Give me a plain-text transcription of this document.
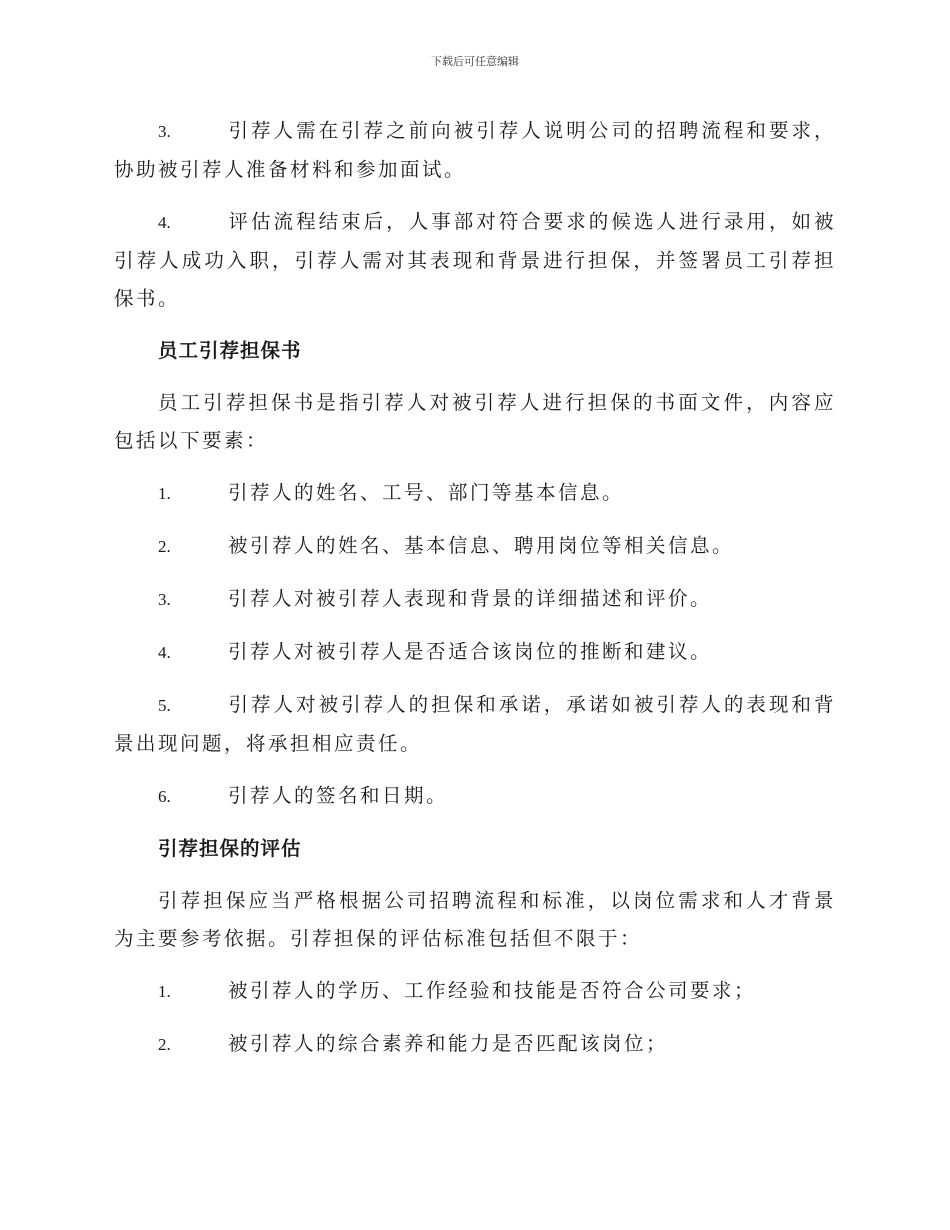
下载后可任意编辑

3.	引荐人需在引荐之前向被引荐人说明公司的招聘流程和要求，协助被引荐人准备材料和参加面试。

4.	评估流程结束后，人事部对符合要求的候选人进行录用，如被引荐人成功入职，引荐人需对其表现和背景进行担保，并签署员工引荐担保书。

员工引荐担保书

员工引荐担保书是指引荐人对被引荐人进行担保的书面文件，内容应包括以下要素：

1.	引荐人的姓名、工号、部门等基本信息。

2.	被引荐人的姓名、基本信息、聘用岗位等相关信息。

3.	引荐人对被引荐人表现和背景的详细描述和评价。

4.	引荐人对被引荐人是否适合该岗位的推断和建议。

5.	引荐人对被引荐人的担保和承诺，承诺如被引荐人的表现和背景出现问题，将承担相应责任。

6.	引荐人的签名和日期。

引荐担保的评估

引荐担保应当严格根据公司招聘流程和标准，以岗位需求和人才背景为主要参考依据。引荐担保的评估标准包括但不限于：

1.	被引荐人的学历、工作经验和技能是否符合公司要求；

2.	被引荐人的综合素养和能力是否匹配该岗位；
